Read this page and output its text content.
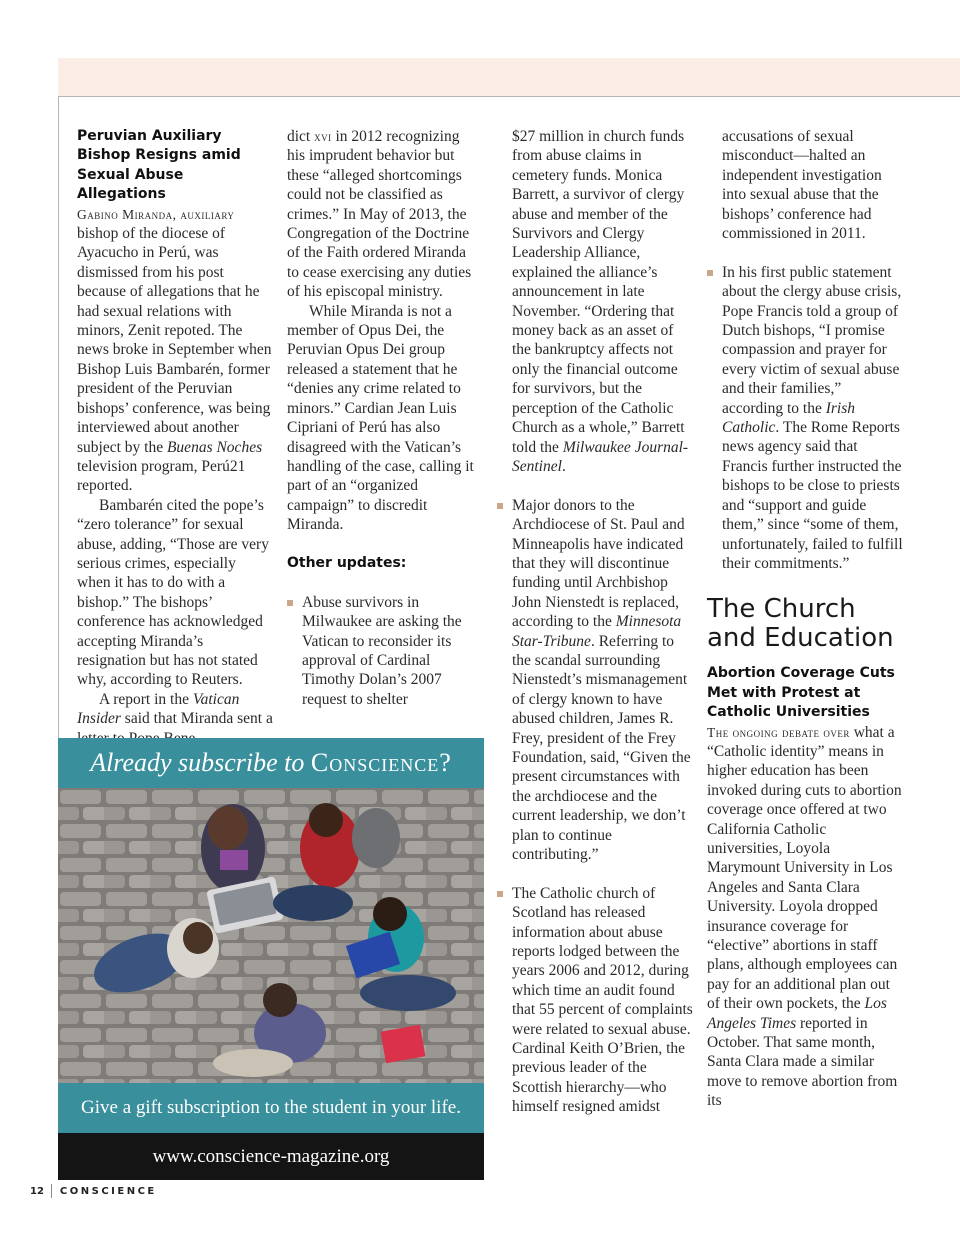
Peruvian Auxiliary Bishop Resigns amid Sexual Abuse Allegations

Gabino Miranda, auxiliary bishop of the diocese of Ayacucho in Perú, was dismissed from his post because of allegations that he had sexual relations with minors, Zenit repoted. The news broke in September when Bishop Luis Bambarén, former president of the Peruvian bishops’ conference, was being interviewed about another subject by the Buenas Noches television program, Perú21 reported.

Bambarén cited the pope’s “zero tolerance” for sexual abuse, adding, “Those are very serious crimes, especially when it has to do with a bishop.” The bishops’ conference has acknowledged accepting Miranda’s resignation but has not stated why, according to Reuters.

A report in the Vatican Insider said that Miranda sent a

dict xvi in 2012 recognizing his imprudent behavior but these “alleged shortcomings could not be classified as crimes.” In May of 2013, the Congregation of the Doctrine of the Faith ordered Miranda to cease exercising any duties of his episcopal ministry.

While Miranda is not a member of Opus Dei, the Peruvian Opus Dei group released a statement that he “denies any crime related to minors.” Cardian Jean Luis Cipriani of Perú has also disagreed with the Vatican’s handling of the case, calling it part of an “organized campaign” to discredit Miranda.

Other updates:

Abuse survivors in Milwaukee are asking the Vatican to reconsider its approval of Cardinal Timothy Dolan’s 2007 request to shelter

$27 million in church funds from abuse claims in cemetery funds. Monica Barrett, a survivor of clergy abuse and member of the Survivors and Clergy Leadership Alliance, explained the alliance’s announcement in late November. “Ordering that money back as an asset of the bankruptcy affects not only the financial outcome for survivors, but the perception of the Catholic Church as a whole,” Barrett told the Milwaukee Journal-Sentinel.

Major donors to the Archdiocese of St. Paul and Minneapolis have indicated that they will discontinue funding until Archbishop John Nienstedt is replaced, according to the Minnesota Star-Tribune. Referring to the scandal surrounding Nienstedt’s mismanagement of clergy known to have abused children, James R. Frey, president of the Frey Foundation, said, “Given the present circumstances with the archdiocese and the current leadership, we don’t plan to continue contributing.”

The Catholic church of Scotland has released information about abuse reports lodged between the years 2006 and 2012, during which time an audit found that 55 percent of complaints were related to sexual abuse. Cardinal Keith O’Brien, the previous leader of the Scottish hierarchy—who himself resigned amidst

accusations of sexual misconduct—halted an independent investigation into sexual abuse that the bishops’ conference had commissioned in 2011.

In his first public statement about the clergy abuse crisis, Pope Francis told a group of Dutch bishops, “I promise compassion and prayer for every victim of sexual abuse and their families,” according to the Irish Catholic. The Rome Reports news agency said that Francis further instructed the bishops to be close to priests and “support and guide them,” since “some of them, unfortunately, failed to fulfill their commitments.”

The Church and Education

Abortion Coverage Cuts Met with Protest at Catholic Universities

The ongoing debate over what a “Catholic identity” means in higher education has been invoked during cuts to abortion coverage once offered at two California Catholic universities, Loyola Marymount University in Los Angeles and Santa Clara University. Loyola dropped insurance coverage for “elective” abortions in staff plans, although employees can pay for an additional plan out of their own pockets, the Los Angeles Times reported in October. That same month, Santa Clara made a similar move to remove abortion from its

Already subscribe to Conscience?
Give a gift subscription to the student in your life.
www.conscience-magazine.org
12 CONSCIENCE
